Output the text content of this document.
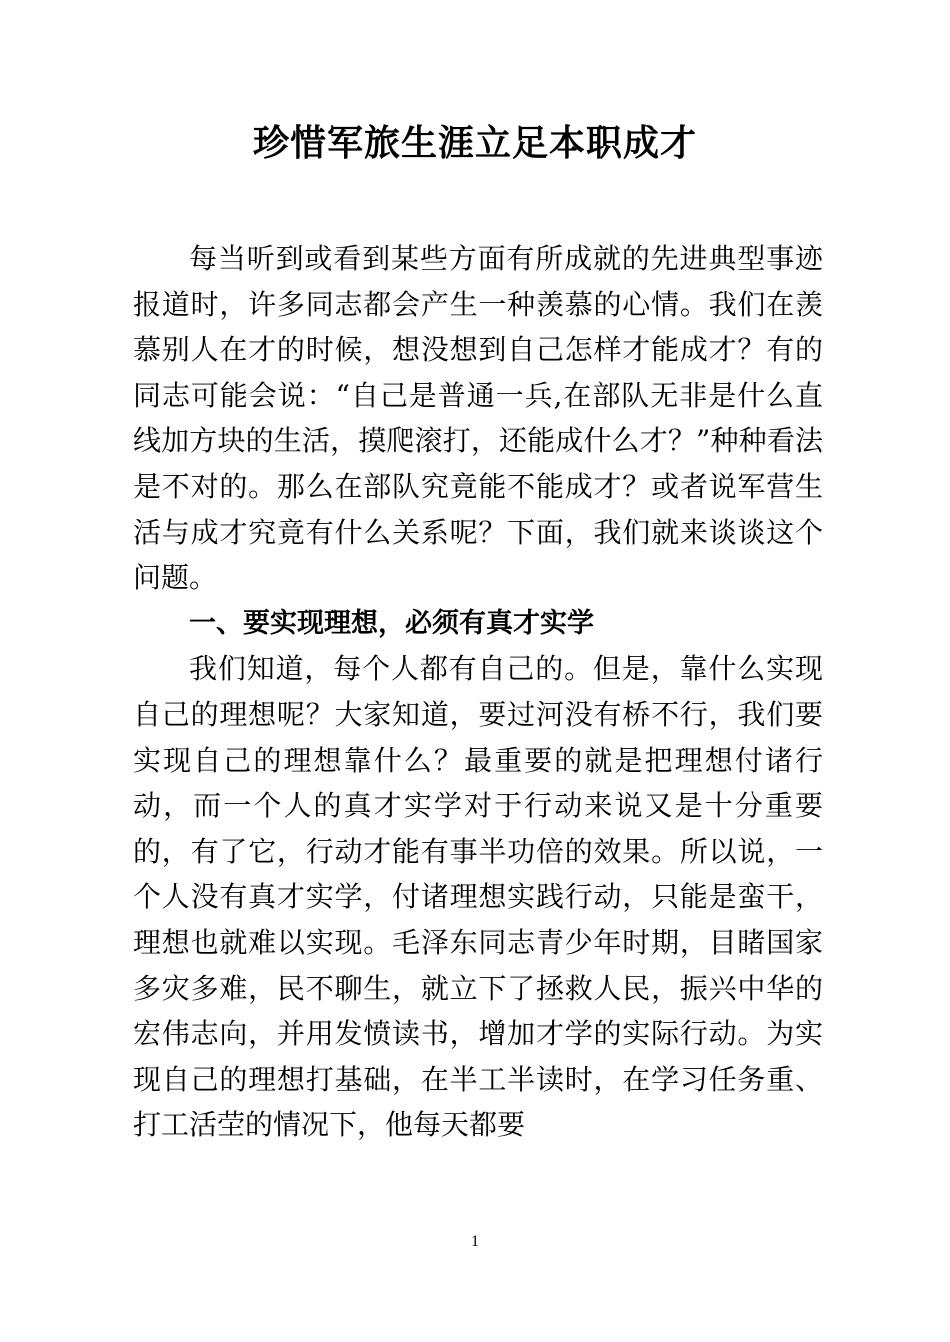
珍惜军旅生涯立足本职成才

每当听到或看到某些方面有所成就的先进典型事迹报道时，许多同志都会产生一种羡慕的心情。我们在羡慕别人在才的时候，想没想到自己怎样才能成才？有的同志可能会说：“自己是普通一兵,在部队无非是什么直线加方块的生活，摸爬滚打，还能成什么才？”种种看法是不对的。那么在部队究竟能不能成才？或者说军营生活与成才究竟有什么关系呢？下面，我们就来谈谈这个问题。

一、要实现理想，必须有真才实学

我们知道，每个人都有自己的。但是，靠什么实现自己的理想呢？大家知道，要过河没有桥不行，我们要实现自己的理想靠什么？最重要的就是把理想付诸行动，而一个人的真才实学对于行动来说又是十分重要的，有了它，行动才能有事半功倍的效果。所以说，一个人没有真才实学，付诸理想实践行动，只能是蛮干，理想也就难以实现。毛泽东同志青少年时期，目睹国家多灾多难，民不聊生，就立下了拯救人民，振兴中华的宏伟志向，并用发愤读书，增加才学的实际行动。为实现自己的理想打基础，在半工半读时，在学习任务重、打工活茔的情况下，他每天都要

1
